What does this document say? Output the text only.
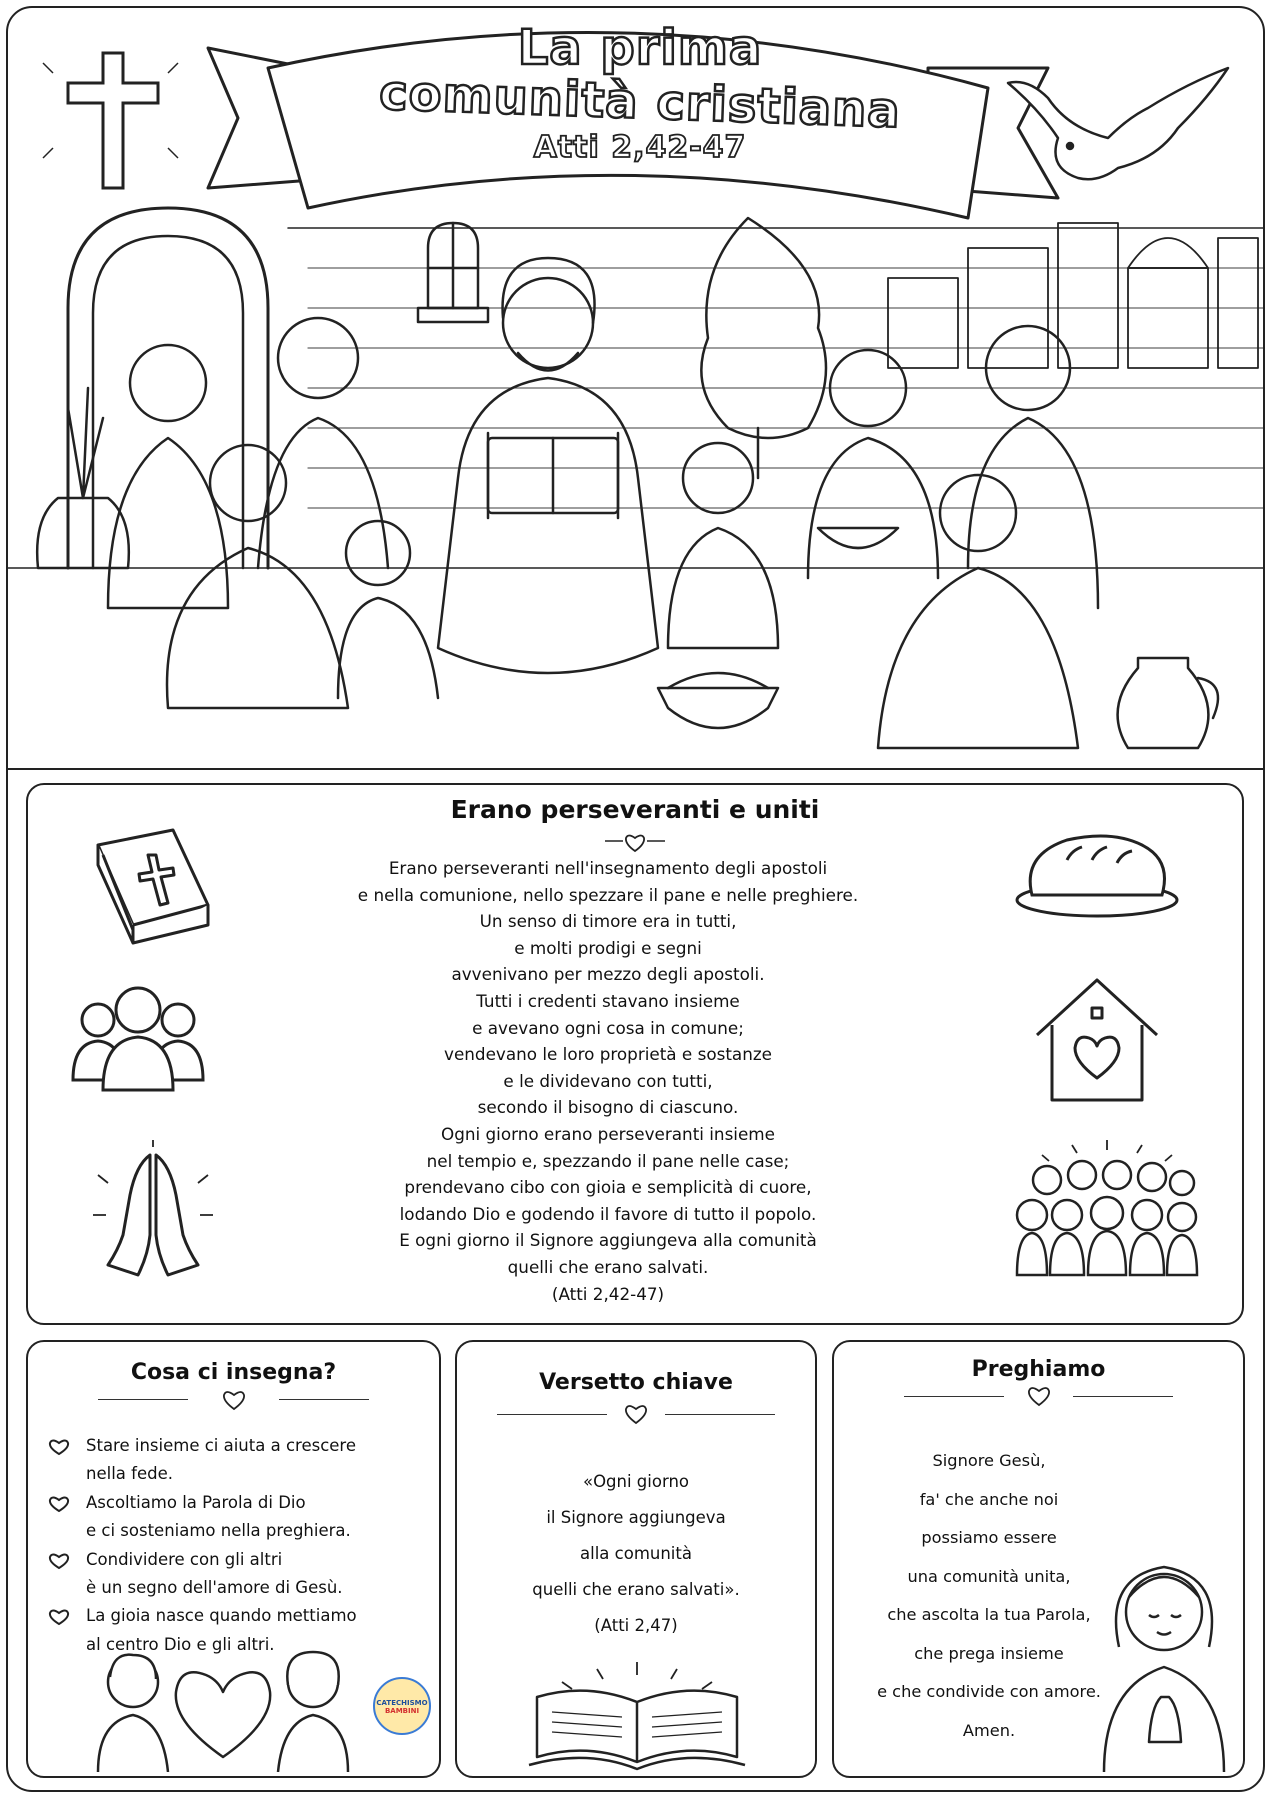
La prima
comunità cristiana
Atti 2,42-47
Erano perseveranti e uniti
Erano perseveranti nell'insegnamento degli apostoli
e nella comunione, nello spezzare il pane e nelle preghiere.
Un senso di timore era in tutti,
e molti prodigi e segni
avvenivano per mezzo degli apostoli.
Tutti i credenti stavano insieme
e avevano ogni cosa in comune;
vendevano le loro proprietà e sostanze
e le dividevano con tutti,
secondo il bisogno di ciascuno.
Ogni giorno erano perseveranti insieme
nel tempio e, spezzando il pane nelle case;
prendevano cibo con gioia e semplicità di cuore,
lodando Dio e godendo il favore di tutto il popolo.
E ogni giorno il Signore aggiungeva alla comunità
quelli che erano salvati.
(Atti 2,42-47)
Cosa ci insegna?
Stare insieme ci aiuta a crescere
nella fede.
Ascoltiamo la Parola di Dio
e ci sosteniamo nella preghiera.
Condividere con gli altri
è un segno dell'amore di Gesù.
La gioia nasce quando mettiamo
al centro Dio e gli altri.
CATECHISMO
BAMBINI
Versetto chiave
«Ogni giorno
il Signore aggiungeva
alla comunità
quelli che erano salvati».
(Atti 2,47)
Preghiamo
Signore Gesù,
fa' che anche noi
possiamo essere
una comunità unita,
che ascolta la tua Parola,
che prega insieme
e che condivide con amore.
Amen.
